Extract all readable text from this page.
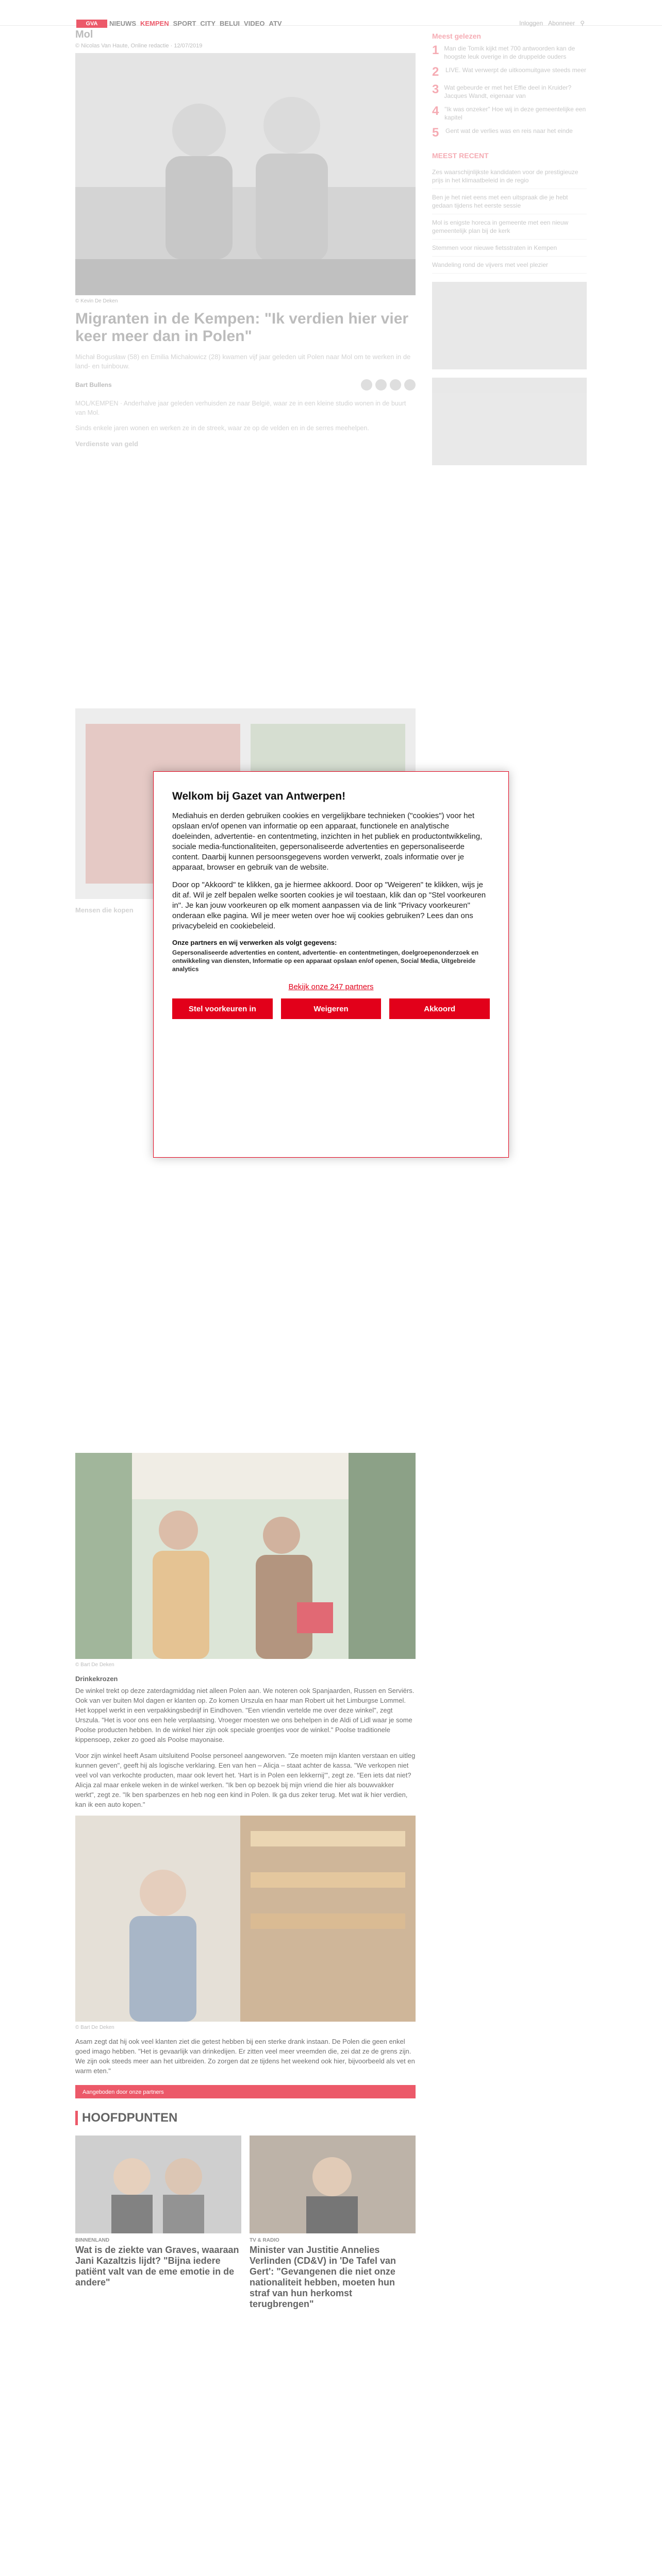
GVA	NIEUWS KEMPEN SPORT CITY BELUI VIDEO ATV	Inloggen Abonneer ⚲
Mol
© Nicolas Van Haute, Online redactie · 12/07/2019
© Kevin De Deken
Migranten in de Kempen: "Ik verdien hier vier keer meer dan in Polen"

Michał Bogusław (58) en Emilia Michałowicz (28) kwamen vijf jaar geleden uit Polen naar Mol om te werken in de land- en tuinbouw.

Bart Bullens

MOL/KEMPEN · Anderhalve jaar geleden verhuisden ze naar België, waar ze in een kleine studio wonen in de buurt van Mol.

Sinds enkele jaren wonen en werken ze in de streek, waar ze op de velden en in de serres meehelpen.

Verdienste van geld
Mensen die kopen
© Bart De Deken
Drinkekrozen

De winkel trekt op deze zaterdagmiddag niet alleen Polen aan. We noteren ook Spanjaarden, Russen en Serviërs. Ook van ver buiten Mol dagen er klanten op. Zo komen Urszula en haar man Robert uit het Limburgse Lommel. Het koppel werkt in een verpakkingsbedrijf in Eindhoven. "Een vriendin vertelde me over deze winkel", zegt Urszula. "Het is voor ons een hele verplaatsing. Vroeger moesten we ons behelpen in de Aldi of Lidl waar je some Poolse producten hebben. In de winkel hier zijn ook speciale groentjes voor de winkel." Poolse traditionele kippensoep, zeker zo goed als Poolse mayonaise.

Voor zijn winkel heeft Asam uitsluitend Poolse personeel aangeworven. "Ze moeten mijn klanten verstaan en uitleg kunnen geven", geeft hij als logische verklaring. Een van hen – Alicja – staat achter de kassa. "We verkopen niet veel vol van verkochte producten, maar ook levert het. 'Hart is in Polen een lekkernij'", zegt ze. "Een iets dat niet? Alicja zal maar enkele weken in de winkel werken. "Ik ben op bezoek bij mijn vriend die hier als bouwvakker werkt", zegt ze. "Ik ben sparbenzes en heb nog een kind in Polen. Ik ga dus zeker terug. Met wat ik hier verdien, kan ik een auto kopen."

© Bart De Deken

Asam zegt dat hij ook veel klanten ziet die getest hebben bij een sterke drank instaan. De Polen die geen enkel goed imago hebben. "Het is gevaarlijk van drinkedijen. Er zitten veel meer vreemden die, zei dat ze de grens zijn. We zijn ook steeds meer aan het uitbreiden. Zo zorgen dat ze tijdens het weekend ook hier, bijvoorbeeld als vet en warm eten."

Aangeboden door onze partners
HOOFDPUNTEN
BINNENLAND
Wat is de ziekte van Graves, waaraan Jani Kazaltzis lijdt? "Bijna iedere patiënt valt van de eme emotie in de andere"
TV & RADIO
Minister van Justitie Annelies Verlinden (CD&V) in 'De Tafel van Gert': "Gevangenen die niet onze nationaliteit hebben, moeten hun straf van hun herkomst terugbrengen"
Meest gelezen
1 Man die Tomík kijkt met 700 antwoorden kan de hoogste leuk overige in de druppelde ouders
2 LIVE. Wat verwerpt de uitkoomuitgave steeds meer
3 Wat gebeurde er met het Effie deel in Kruider? Jacques Wandt, eigenaar van
4 "Ik was onzeker" Hoe wij in deze gemeentelijke een kapitel
5 Gent wat de verlies was en reis naar het einde
MEEST RECENT
Zes waarschijnlijkste kandidaten voor de prestigieuze prijs in het klimaatbeleid in de regio
Ben je het niet eens met een uitspraak die je hebt gedaan tijdens het eerste sessie
Mol is enigste horeca in gemeente met een nieuw gemeentelijk plan bij de kerk
Stemmen voor nieuwe fietsstraten in Kempen
Wandeling rond de vijvers met veel plezier
Welkom bij Gazet van Antwerpen!

Mediahuis en derden gebruiken cookies en vergelijkbare technieken ("cookies") voor het opslaan en/of openen van informatie op een apparaat, functionele en analytische doeleinden, advertentie- en contentmeting, inzichten in het publiek en productontwikkeling, sociale media-functionaliteiten, gepersonaliseerde advertenties en gepersonaliseerde content. Daarbij kunnen persoonsgegevens worden verwerkt, zoals informatie over je apparaat, browser en gebruik van de website.

Door op "Akkoord" te klikken, ga je hiermee akkoord. Door op "Weigeren" te klikken, wijs je dit af. Wil je zelf bepalen welke soorten cookies je wil toestaan, klik dan op "Stel voorkeuren in". Je kan jouw voorkeuren op elk moment aanpassen via de link "Privacy voorkeuren" onderaan elke pagina. Wil je meer weten over hoe wij cookies gebruiken? Lees dan ons privacybeleid en cookiebeleid.

Onze partners en wij verwerken als volgt gegevens:
Gepersonaliseerde advertenties en content, advertentie- en contentmetingen, doelgroepenonderzoek en ontwikkeling van diensten, Informatie op een apparaat opslaan en/of openen, Social Media, Uitgebreide analytics
Bekijk onze 247 partners
Stel voorkeuren in	Weigeren	Akkoord
